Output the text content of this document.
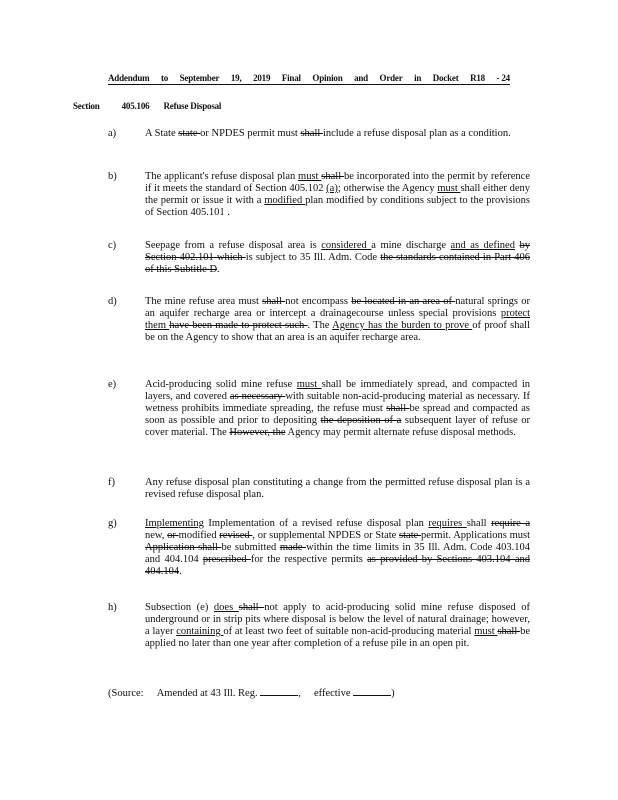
Addendum to September 19, 2019 Final Opinion and Order in Docket R18 - 24
Section 405.106 Refuse Disposal
a)	A State state or NPDES permit must shall include a refuse disposal plan as a condition.
b)	The applicant's refuse disposal plan must shall be incorporated into the permit by reference if it meets the standard of Section 405.102 (a); otherwise the Agency must shall either deny the permit or issue it with a modified plan modified by conditions subject to the provisions of Section 405.101 .
c)	Seepage from a refuse disposal area is considered a mine discharge and as defined by Section 402.101 which is subject to 35 Ill. Adm. Code the standards contained in Part 406 of this Subtitle D.
d)	The mine refuse area must shall not encompass be located in an area of natural springs or an aquifer recharge area or intercept a drainagecourse unless special provisions protect them have been made to protect such . The Agency has the burden to prove of proof shall be on the Agency to show that an area is an aquifer recharge area.
e)	Acid-producing solid mine refuse must shall be immediately spread, and compacted in layers, and covered as necessary with suitable non-acid-producing material as necessary. If wetness prohibits immediate spreading, the refuse must shall be spread and compacted as soon as possible and prior to depositing the deposition of a subsequent layer of refuse or cover material. The However, the Agency may permit alternate refuse disposal methods.
f)	Any refuse disposal plan constituting a change from the permitted refuse disposal plan is a revised refuse disposal plan.
g)	Implementing Implementation of a revised refuse disposal plan requires shall require a new, or modified revised , or supplemental NPDES or State state permit. Applications must Application shall be submitted made within the time limits in 35 Ill. Adm. Code 403.104 and 404.104 prescribed for the respective permits as provided by Sections 403.104 and 404.104.
h)	Subsection (e) does shall not apply to acid-producing solid mine refuse disposed of underground or in strip pits where disposal is below the level of natural drainage; however, a layer containing of at least two feet of suitable non-acid-producing material must shall be applied no later than one year after completion of a refuse pile in an open pit.
(Source: Amended at 43 Ill. Reg.	, effective	)
